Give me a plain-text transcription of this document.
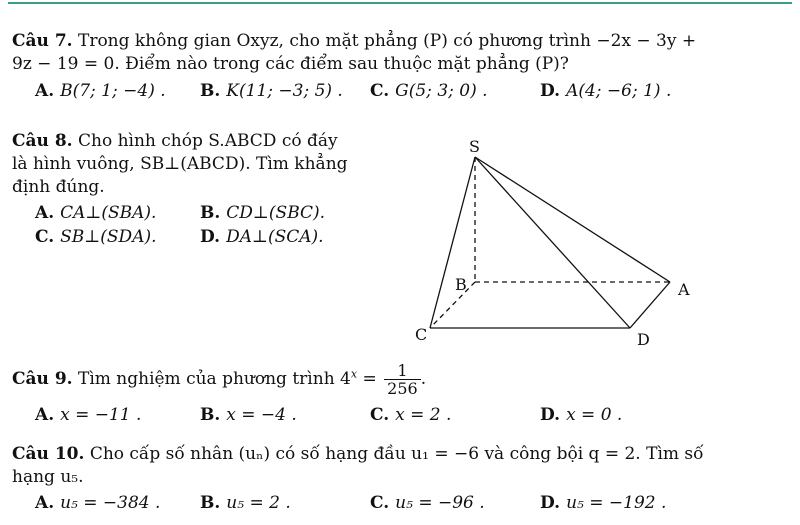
Câu 7. Trong không gian Oxyz, cho mặt phẳng (P) có phương trình −2x − 3y +
9z − 19 = 0. Điểm nào trong các điểm sau thuộc mặt phẳng (P)?
A. B(7; 1; −4) . B. K(11; −3; 5) . C. G(5; 3; 0) .	D. A(4; −6; 1) .
Câu 8. Cho hình chóp S.ABCD có đáy
là hình vuông, SB⊥(ABCD). Tìm khẳng
định đúng.
A. CA⊥(SBA).	B. CD⊥(SBC).
C. SB⊥(SDA).	D. DA⊥(SCA).
S
A
B
C	D
Câu 9. Tìm nghiệm của phương trình $4^x = \frac{1}{256}$ .
A. x = −11 .	B. x = −4 .	C. x = 2 .	D. x = 0 .
Câu 10. Cho cấp số nhân (uₙ) có số hạng đầu u₁ = −6 và công bội q = 2. Tìm số
hạng u₅.
A. u₅ = −384 . B. u₅ = 2 .	C. u₅ = −96 .	D. u₅ = −192 .
